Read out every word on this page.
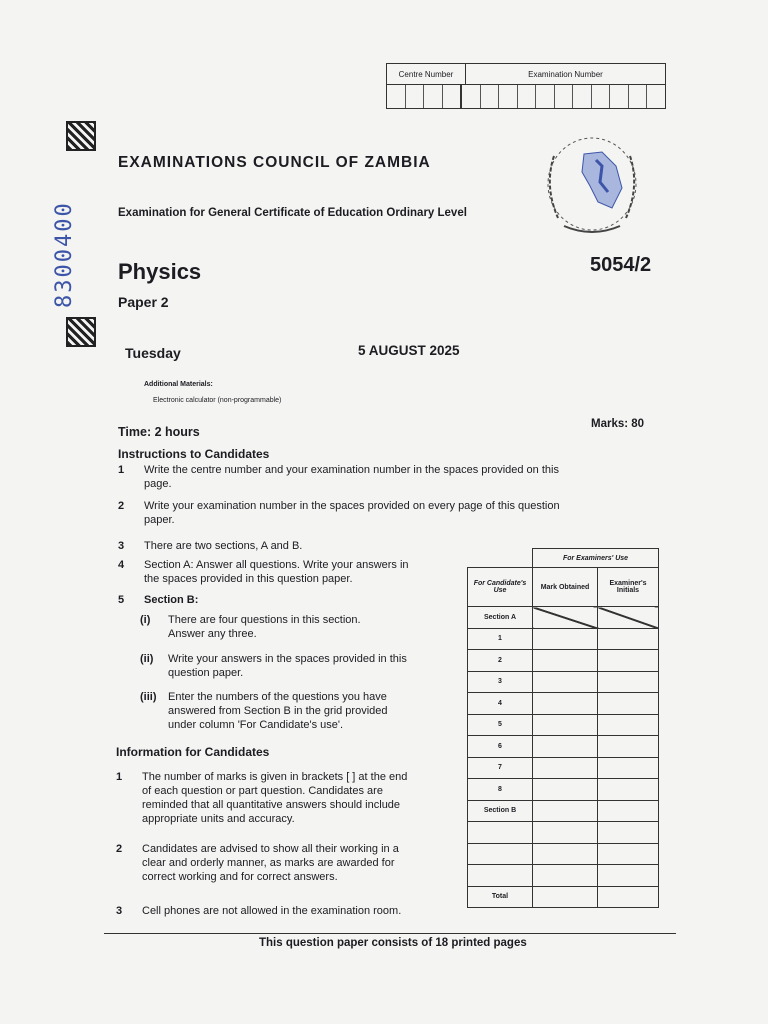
Centre Number	Examination Number
8300400
EXAMINATIONS COUNCIL OF ZAMBIA
Examination for General Certificate of Education Ordinary Level
Physics
Paper 2
5054/2
Tuesday	5 AUGUST 2025
Additional Materials:
Electronic calculator (non-programmable)
Time: 2 hours
Marks: 80
Instructions to Candidates
1 Write the centre number and your examination number in the spaces provided on this
page.
2 Write your examination number in the spaces provided on every page of this question
paper.
3 There are two sections, A and B.
4 Section A: Answer all questions. Write your answers in
the spaces provided in this question paper.
5 Section B:
(i) There are four questions in this section.
Answer any three.
(ii) Write your answers in the spaces provided in this
question paper.
(iii) Enter the numbers of the questions you have
answered from Section B in the grid provided
under column 'For Candidate's use'.
Information for Candidates
1 The number of marks is given in brackets [ ] at the end
of each question or part question. Candidates are
reminded that all quantitative answers should include
appropriate units and accuracy.
2 Candidates are advised to show all their working in a
clear and orderly manner, as marks are awarded for
correct working and for correct answers.
3 Cell phones are not allowed in the examination room.
	For Examiners' Use	
For Candidate's Use	Mark Obtained	Examiner's Initials
Section A		
1		
2		
3		
4		
5		
6		
7		
8		
Section B		

Total		
This question paper consists of 18 printed pages
